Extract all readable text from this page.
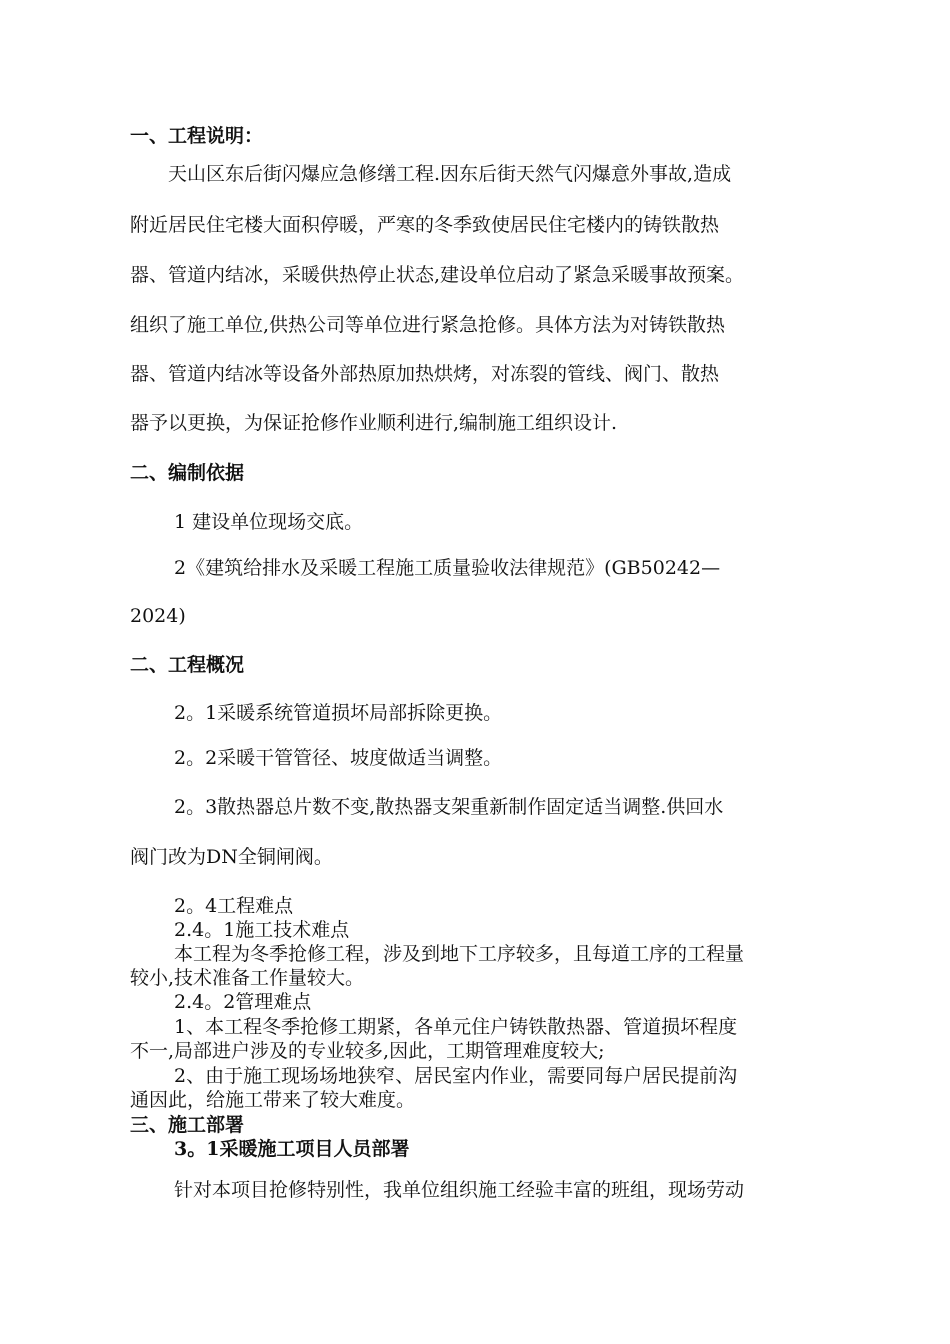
一、工程说明：
天山区东后街闪爆应急修缮工程.因东后街天然气闪爆意外事故,造成
附近居民住宅楼大面积停暖，严寒的冬季致使居民住宅楼内的铸铁散热
器、管道内结冰，采暖供热停止状态,建设单位启动了紧急采暖事故预案。
组织了施工单位,供热公司等单位进行紧急抢修。具体方法为对铸铁散热
器、管道内结冰等设备外部热原加热烘烤，对冻裂的管线、阀门、散热
器予以更换，为保证抢修作业顺利进行,编制施工组织设计.
二、编制依据
1 建设单位现场交底。
2《建筑给排水及采暖工程施工质量验收法律规范》(GB50242—
2024)
二、工程概况
2。1采暖系统管道损坏局部拆除更换。
2。2采暖干管管径、坡度做适当调整。
2。3散热器总片数不变,散热器支架重新制作固定适当调整.供回水
阀门改为DN全铜闸阀。
2。4工程难点
2.4。1施工技术难点
本工程为冬季抢修工程，涉及到地下工序较多，且每道工序的工程量
较小,技术准备工作量较大。
2.4。2管理难点
1、本工程冬季抢修工期紧，各单元住户铸铁散热器、管道损坏程度
不一,局部进户涉及的专业较多,因此，工期管理难度较大;
2、由于施工现场场地狭窄、居民室内作业，需要同每户居民提前沟
通因此，给施工带来了较大难度。
三、施工部署
3。1采暖施工项目人员部署
针对本项目抢修特别性，我单位组织施工经验丰富的班组，现场劳动
